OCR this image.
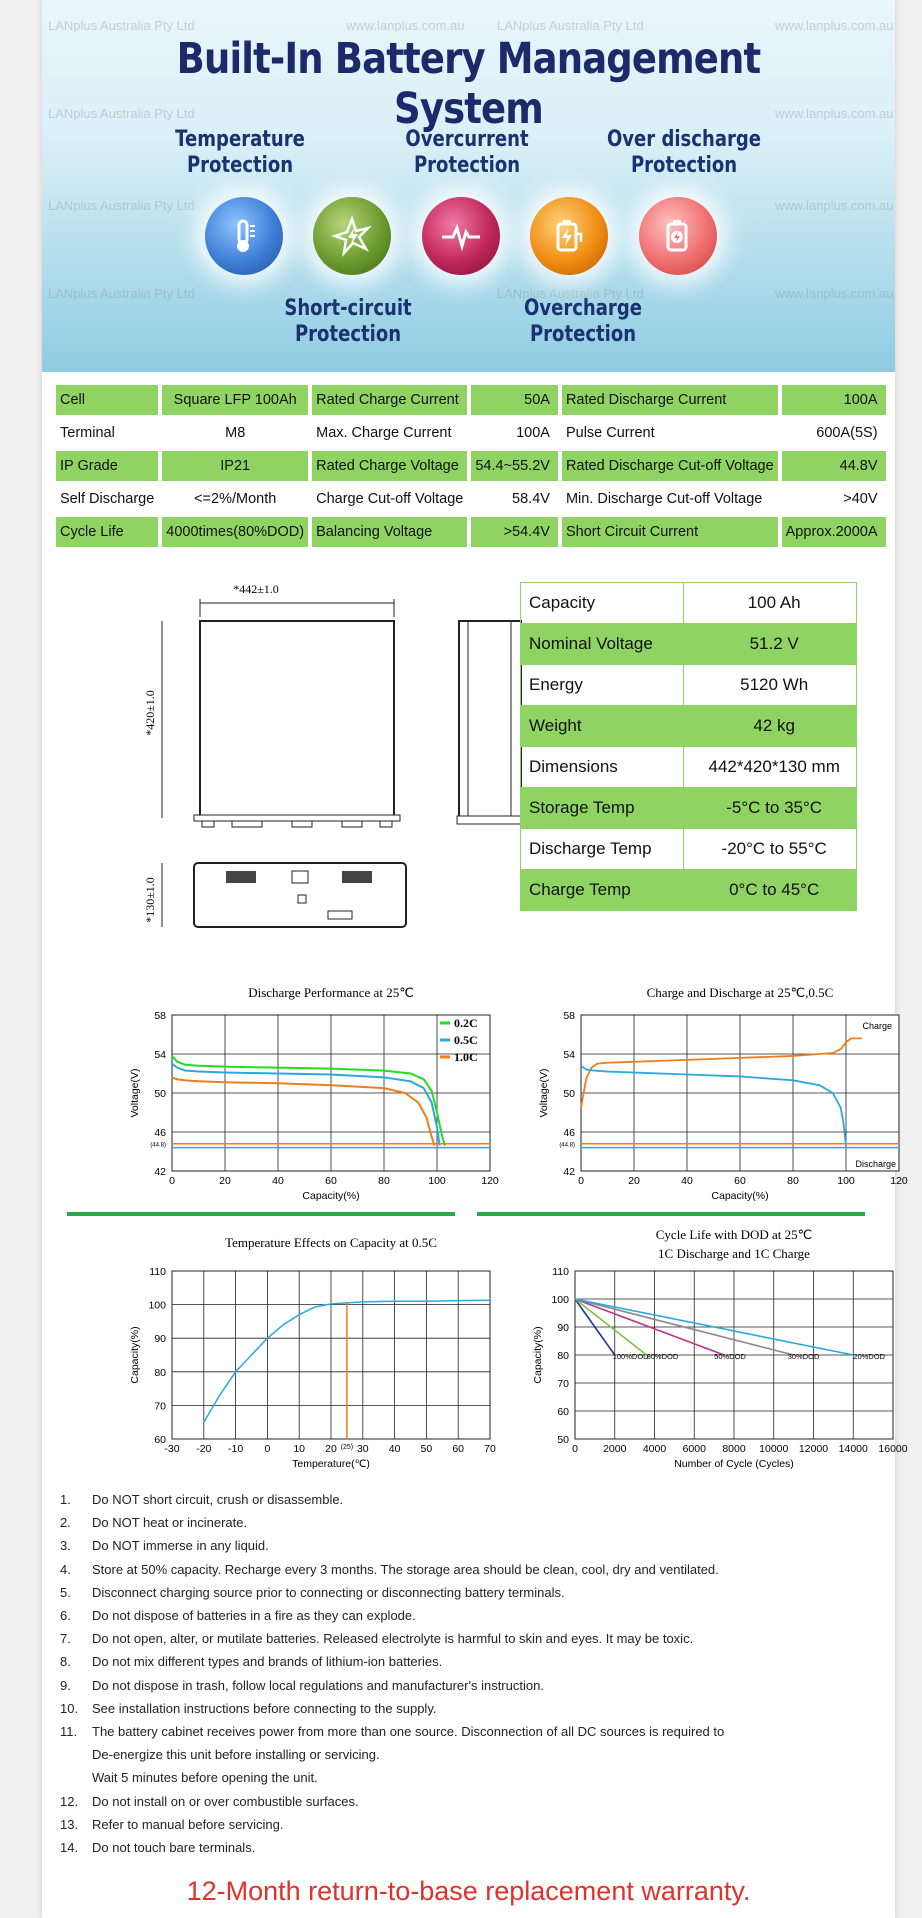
LANplus Australia Pty Ltd	www.lanplus.com.au	LANplus Australia Pty Ltd	www.lanplus.com.au
LANplus Australia Pty Ltd	www.lanplus.com.au
LANplus Australia Pty Ltd	www.lanplus.com.au
LANplus Australia Pty Ltd	LANplus Australia Pty Ltd	www.lanplus.com.au
Built-In Battery Management System
Temperature
Protection
Short-circuit
Protection
Overcurrent
Protection
Overcharge
Protection
Over discharge
Protection
Cell	Square LFP 100Ah	Rated Charge Current	50A	Rated Discharge Current	100A
Terminal	M8	Max. Charge Current	100A	Pulse Current	600A(5S)
IP Grade	IP21	Rated Charge Voltage	54.4~55.2V	Rated Discharge Cut-off Voltage	44.8V
Self Discharge	<=2%/Month	Charge Cut-off Voltage	58.4V	Min. Discharge Cut-off Voltage	>40V
Cycle Life	4000times(80%DOD)	Balancing Voltage	>54.4V	Short Circuit Current	Approx.2000A
*442±1.0
*420±1.0
*130±1.0
Capacity	100 Ah
Nominal Voltage	51.2 V
Energy	5120 Wh
Weight	42 kg
Dimensions	442*420*130 mm
Storage Temp	-5°C to 35°C
Discharge Temp	-20°C to 55°C
Charge Temp	0°C to 45°C
Discharge Performance at 25℃
0	20	40	60	80	100	120
42
46
50
54
58
(44.8)
Capacity(%)
Voltage(V)
0.2C
0.5C
1.0C
Charge and Discharge at 25℃,0.5C
0	20	40	60	80	100	120
42
46
50
54
58
(44.8)
Capacity(%)
Voltage(V)
Charge
Discharge
Temperature Effects on Capacity at 0.5C
-30 -20 -10 0 10 20 30 40 50 60 70
60
70
80
90
100
110
(25)
Temperature(℃)
Capacity(%)
Cycle Life with DOD at 25℃
1C Discharge and 1C Charge
0 2000 4000 6000 8000 10000 12000 14000 16000
50
60
70
80
90
100
110
Number of Cycle (Cycles)
Capacity(%)	100%DOD
80%DOD	50%DOD	30%DOD	20%DOD
1. Do NOT short circuit, crush or disassemble.
2. Do NOT heat or incinerate.
3. Do NOT immerse in any liquid.
4. Store at 50% capacity. Recharge every 3 months. The storage area should be clean, cool, dry and ventilated.
5. Disconnect charging source prior to connecting or disconnecting battery terminals.
6. Do not dispose of batteries in a fire as they can explode.
7. Do not open, alter, or mutilate batteries. Released electrolyte is harmful to skin and eyes. It may be toxic.
8. Do not mix different types and brands of lithium-ion batteries.
9. Do not dispose in trash, follow local regulations and manufacturer's instruction.
10. See installation instructions before connecting to the supply.
11. The battery cabinet receives power from more than one source. Disconnection of all DC sources is required to
De-energize this unit before installing or servicing.
Wait 5 minutes before opening the unit.
12. Do not install on or over combustible surfaces.
13. Refer to manual before servicing.
14. Do not touch bare terminals.
12-Month return-to-base replacement warranty.
